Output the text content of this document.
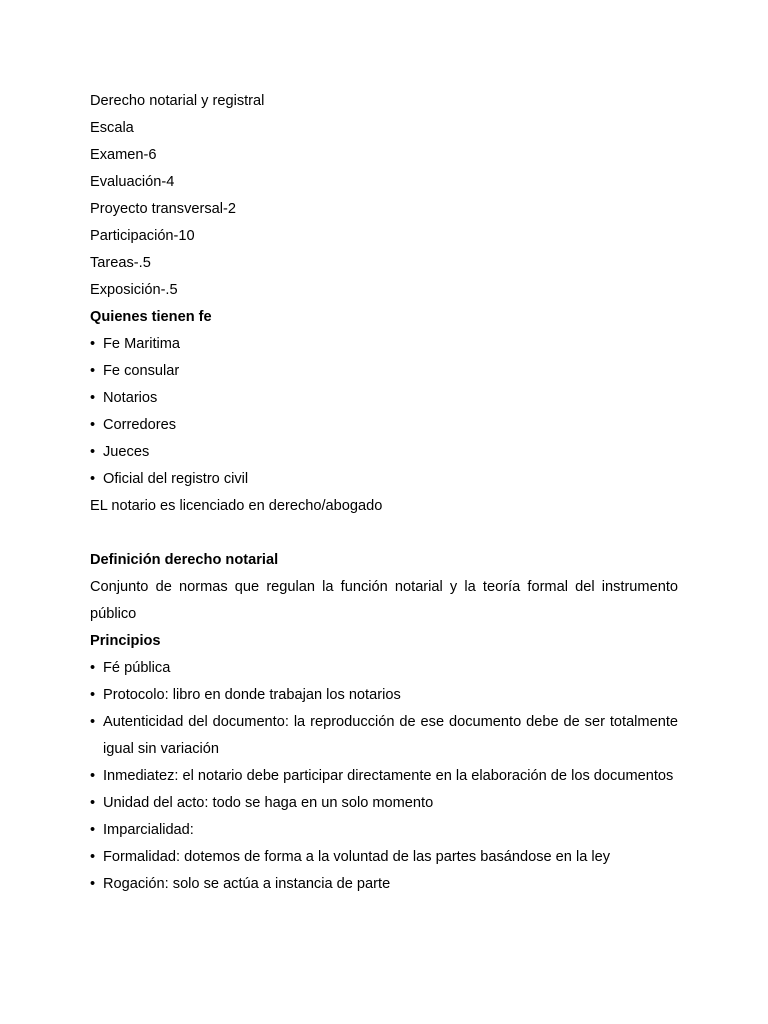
Derecho notarial y registral
Escala
Examen-6
Evaluación-4
Proyecto transversal-2
Participación-10
Tareas-.5
Exposición-.5
Quienes tienen fe
• Fe Maritima
• Fe consular
• Notarios
• Corredores
• Jueces
• Oficial del registro civil
EL notario es licenciado en derecho/abogado
Definición derecho notarial
Conjunto de normas que regulan la función notarial y la teoría formal del instrumento público
Principios
• Fé pública
• Protocolo: libro en donde trabajan los notarios
• Autenticidad del documento: la reproducción de ese documento debe de ser totalmente igual sin variación
• Inmediatez: el notario debe participar directamente en la elaboración de los documentos
• Unidad del acto: todo se haga en un solo momento
• Imparcialidad:
• Formalidad: dotemos de forma a la voluntad de las partes basándose en la ley
• Rogación: solo se actúa a instancia de parte
